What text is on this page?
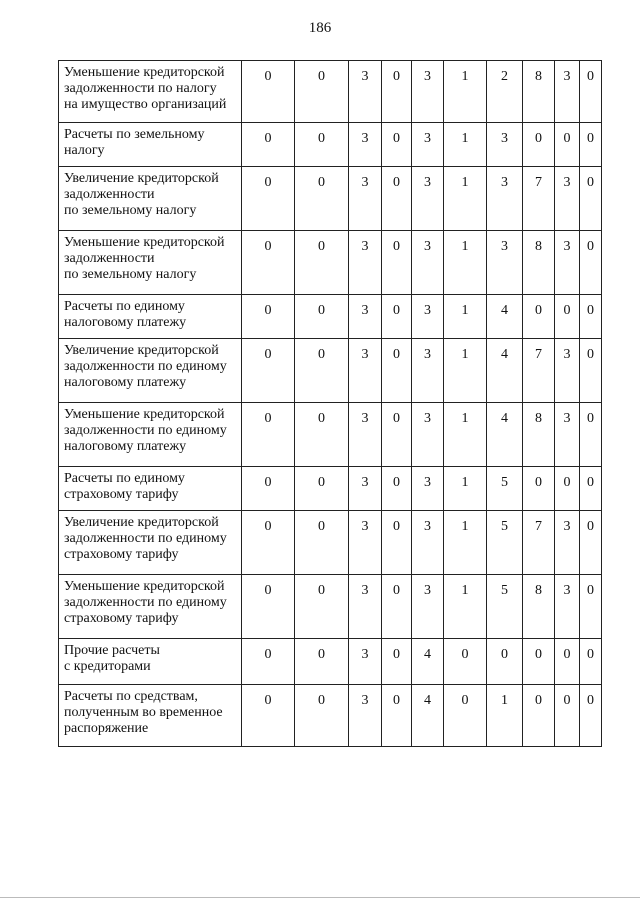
186
Уменьшение кредиторской
задолженности по налогу
на имущество организаций	0	0	3	0	3	1	2	8	3	0

Расчеты по земельному
налогу	0	0	3	0	3	1	3	0	0	0

Увеличение кредиторской
задолженности
по земельному налогу	0	0	3	0	3	1	3	7	3	0

Уменьшение кредиторской
задолженности
по земельному налогу	0	0	3	0	3	1	3	8	3	0

Расчеты по единому
налоговому платежу	0	0	3	0	3	1	4	0	0	0

Увеличение кредиторской
задолженности по единому
налоговому платежу	0	0	3	0	3	1	4	7	3	0

Уменьшение кредиторской
задолженности по единому
налоговому платежу	0	0	3	0	3	1	4	8	3	0

Расчеты по единому
страховому тарифу	0	0	3	0	3	1	5	0	0	0

Увеличение кредиторской
задолженности по единому
страховому тарифу	0	0	3	0	3	1	5	7	3	0

Уменьшение кредиторской
задолженности по единому
страховому тарифу	0	0	3	0	3	1	5	8	3	0

Прочие расчеты
с кредиторами	0	0	3	0	4	0	0	0	0	0

Расчеты по средствам,
полученным во временное
распоряжение	0	0	3	0	4	0	1	0	0	0
